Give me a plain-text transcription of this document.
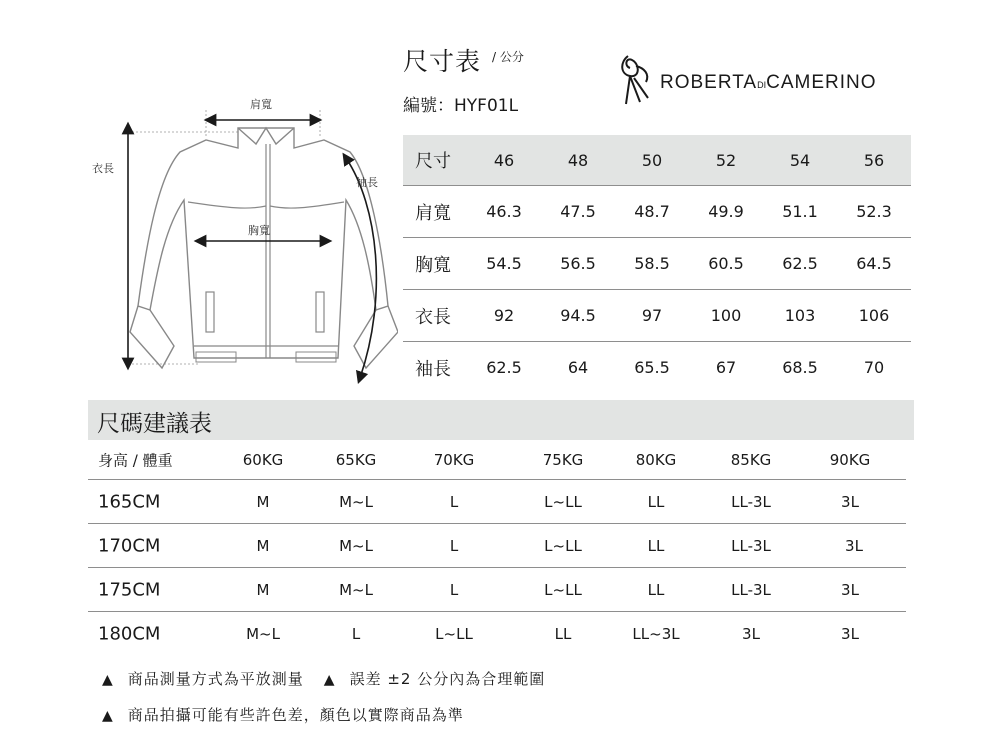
尺寸表 / 公分
編號：HYF01L
ROBERTADICAMERINO
肩寬
胸寬
衣長
袖長
尺寸	46	48	50	52	54	56
肩寬	46.3	47.5	48.7	49.9	51.1	52.3
胸寬	54.5	56.5	58.5	60.5	62.5	64.5
衣長	92	94.5	97	100	103	106
袖長	62.5	64	65.5	67	68.5	70
尺碼建議表
身高 / 體重	60KG	65KG	70KG	75KG	80KG	85KG	90KG
165CM	M	M~L	L	L~LL	LL	LL-3L	3L
170CM	M	M~L	L	L~LL	LL	LL-3L	3L
175CM	M	M~L	L	L~LL	LL	LL-3L	3L
180CM	M~L	L	L~LL	LL	LL~3L	3L	3L
▲ 商品測量方式為平放測量 ▲ 誤差 ±2 公分內為合理範圍
▲ 商品拍攝可能有些許色差，顏色以實際商品為準
